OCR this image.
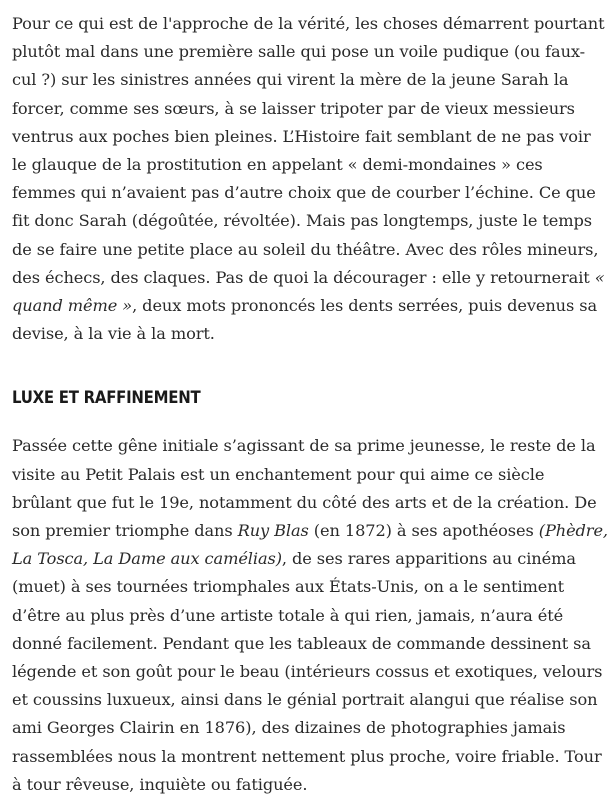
Pour ce qui est de l'approche de la vérité, les choses démarrent pourtant plutôt mal dans une première salle qui pose un voile pudique (ou faux-cul ?) sur les sinistres années qui virent la mère de la jeune Sarah la forcer, comme ses sœurs, à se laisser tripoter par de vieux messieurs ventrus aux poches bien pleines. L’Histoire fait semblant de ne pas voir le glauque de la prostitution en appelant « demi-mondaines » ces femmes qui n’avaient pas d’autre choix que de courber l’échine. Ce que fit donc Sarah (dégoûtée, révoltée). Mais pas longtemps, juste le temps de se faire une petite place au soleil du théâtre. Avec des rôles mineurs, des échecs, des claques. Pas de quoi la décourager : elle y retournerait « quand même », deux mots prononcés les dents serrées, puis devenus sa devise, à la vie à la mort.

LUXE ET RAFFINEMENT

Passée cette gêne initiale s’agissant de sa prime jeunesse, le reste de la visite au Petit Palais est un enchantement pour qui aime ce siècle brûlant que fut le 19e, notamment du côté des arts et de la création. De son premier triomphe dans Ruy Blas (en 1872) à ses apothéoses (Phèdre, La Tosca, La Dame aux camélias), de ses rares apparitions au cinéma (muet) à ses tournées triomphales aux États-Unis, on a le sentiment d’être au plus près d’une artiste totale à qui rien, jamais, n’aura été donné facilement. Pendant que les tableaux de commande dessinent sa légende et son goût pour le beau (intérieurs cossus et exotiques, velours et coussins luxueux, ainsi dans le génial portrait alangui que réalise son ami Georges Clairin en 1876), des dizaines de photographies jamais rassemblées nous la montrent nettement plus proche, voire friable. Tour à tour rêveuse, inquiète ou fatiguée.
